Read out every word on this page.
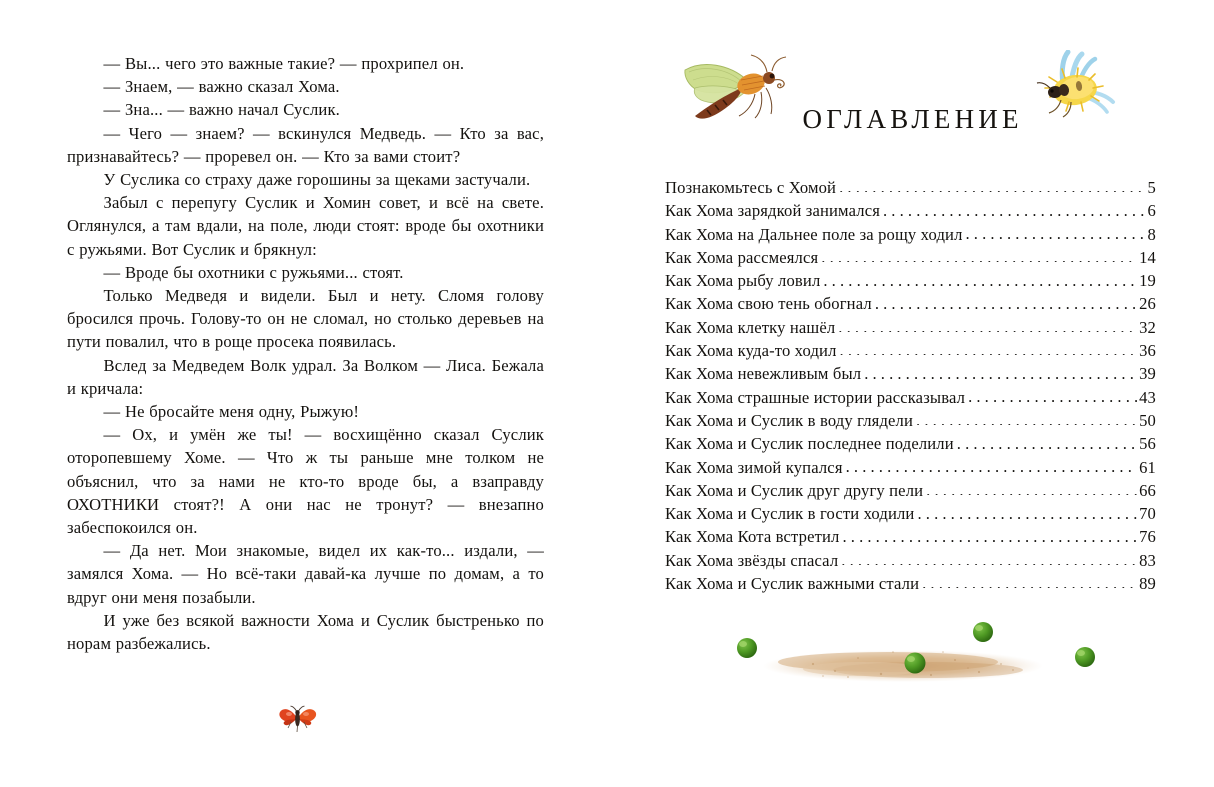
— Вы... чего это важные такие? — прохрипел он.

— Знаем, — важно сказал Хома.

— Зна... — важно начал Суслик.

— Чего — знаем? — вскинулся Медведь. — Кто за вас, признавайтесь? — проревел он. — Кто за вами стоит?

У Суслика со страху даже горошины за щеками застучали.

Забыл с перепугу Суслик и Хомин совет, и всё на свете. Оглянулся, а там вдали, на поле, люди стоят: вроде бы охотники с ружьями. Вот Суслик и брякнул:

— Вроде бы охотники с ружьями... стоят.

Только Медведя и видели. Был и нету. Сломя голову бросился прочь. Голову-то он не сломал, но столько деревьев на пути повалил, что в роще просека появилась.

Вслед за Медведем Волк удрал. За Волком — Лиса. Бежала и кричала:

— Не бросайте меня одну, Рыжую!

— Ох, и умён же ты! — восхищённо сказал Суслик оторопевшему Хоме. — Что ж ты раньше мне толком не объяснил, что за нами не кто-то вроде бы, а взаправду ОХОТНИКИ стоят?! А они нас не тронут? — внезапно забеспокоился он.

— Да нет. Мои знакомые, видел их как-то... издали, — замялся Хома. — Но всё-таки давай-ка лучше по домам, а то вдруг они меня позабыли.

И уже без всякой важности Хома и Суслик быстренько по норам разбежались.

ОГЛАВЛЕНИЕ
Познакомьтесь с Хомой . . .	5
Как Хома зарядкой занимался . . .	6
Как Хома на Дальнее поле за рощу ходил . . .	8
Как Хома рассмеялся . . .	14
Как Хома рыбу ловил . . .	19
Как Хома свою тень обогнал . . .	26
Как Хома клетку нашёл . . .	32
Как Хома куда-то ходил . . .	36
Как Хома невежливым был . . .	39
Как Хома страшные истории рассказывал . . .	43
Как Хома и Суслик в воду глядели . . .	50
Как Хома и Суслик последнее поделили . . .	56
Как Хома зимой купался . . .	61
Как Хома и Суслик друг другу пели . . .	66
Как Хома и Суслик в гости ходили . . .	70
Как Хома Кота встретил . . .	76
Как Хома звёзды спасал . . .	83
Как Хома и Суслик важными стали . . .	89
